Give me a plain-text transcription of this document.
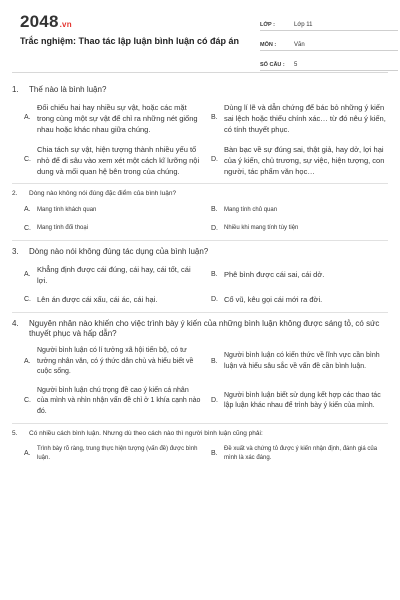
2048.vn
Trắc nghiệm: Thao tác lập luận bình luận có đáp án
LỚP :	Lớp 11
MÔN :	Văn
SỐ CÂU :	5
1.	Thế nào là bình luận?
A.
Đối chiếu hai hay nhiều sự vật, hoặc các mặt trong cùng một sự vật để chỉ ra những nét giống nhau hoặc khác nhau giữa chúng.
B.
Dùng lí lẽ và dẫn chứng để bác bỏ những ý kiến sai lệch hoặc thiếu chính xác… từ đó nêu ý kiến, có tính thuyết phục.
C.
Chia tách sự vật, hiện tượng thành nhiều yếu tố nhỏ để đi sâu vào xem xét một cách kĩ lưỡng nội dung và mối quan hệ bên trong của chúng.
D.
Bàn bạc về sự đúng sai, thật giả, hay dở, lợi hại của ý kiến, chủ trương, sự việc, hiện tượng, con người, tác phẩm văn học…
2.	Dòng nào không nói đúng đặc điểm của bình luận?
A.	Mang tính khách quan	B.	Mang tính chủ quan
C.	Mang tính đối thoại	D.	Nhiều khi mang tính tùy tiện
3.	Dòng nào nói không đúng tác dụng của bình luận?
A.
Khẳng định được cái đúng, cái hay, cái tốt, cái lợi.
B. Phê bình được cái sai, cái dở.
C. Lên án được cái xấu, cái ác, cái hại.	D. Cổ vũ, kêu gọi cái mới ra đời.
4.	Nguyên nhân nào khiến cho việc trình bày ý kiến của những bình luận không được sáng tỏ, có sức thuyết phục và hấp dẫn?
A.
Người bình luận có lí tưởng xã hội tiến bộ, có tư tưởng nhân văn, có ý thức dân chủ và hiểu biết về cuộc sống.
B.
Người bình luận có kiến thức về lĩnh vực cần bình luận và hiểu sâu sắc về vấn đề cần bình luận.
C.
Người bình luận chú trọng đề cao ý kiến cá nhân của mình và nhìn nhận vấn đề chỉ ở 1 khía cạnh nào đó.
D.
Người bình luận biết sử dụng kết hợp các thao tác lập luận khác nhau để trình bày ý kiến của mình.
5.	Có nhiều cách bình luận. Nhưng dù theo cách nào thì người bình luận cũng phải:
A.
Trình bày rõ ràng, trung thực hiện tượng (vấn đề) được bình luận.
B.
Đề xuất và chứng tỏ được ý kiến nhận định, đánh giá của mình là xác đáng.
